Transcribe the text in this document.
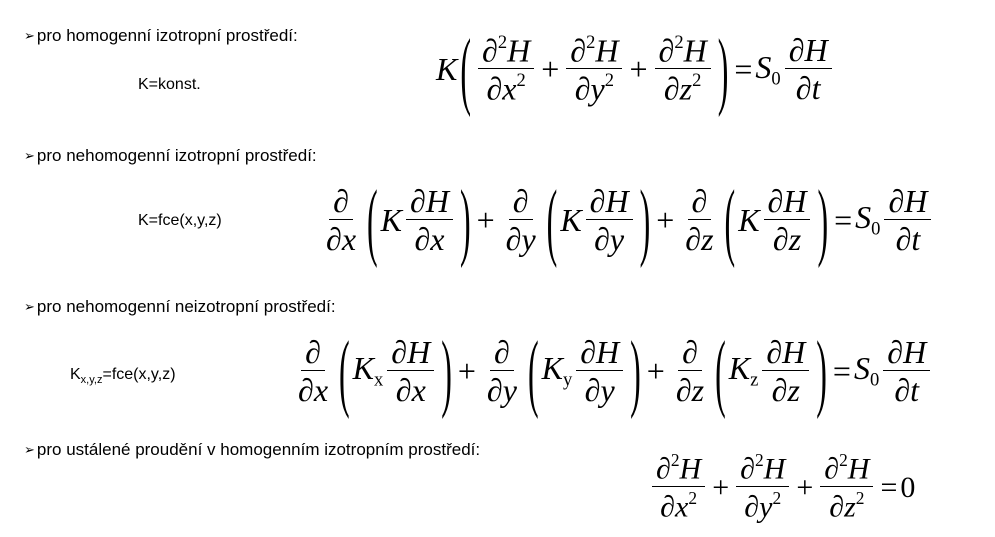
➢ pro homogenní izotropní prostředí:
K=konst.	K ( $\frac{\partial^2H}{\partial x^2} + \frac{\partial^2H}{\partial y^2} + \frac{\partial^2H}{\partial z^2}$ ) = $S_0 \frac{\partial H}{\partial t}$
➢ pro nehomogenní izotropní prostředí:
K=fce(x,y,z)	$\frac{\partial}{\partial x}$ ( K $\frac{\partial H}{\partial x}$ ) + $\frac{\partial}{\partial y}$ ( K $\frac{\partial H}{\partial y}$ ) + $\frac{\partial}{\partial z}$ ( K $\frac{\partial H}{\partial z}$ ) = $S_0 \frac{\partial H}{\partial t}$
➢ pro nehomogenní neizotropní prostředí:
$K_{x,y,z}=fce(x,y,z)$	$\frac{\partial}{\partial x}$ ( $K_x \frac{\partial H}{\partial x}$ ) + $\frac{\partial}{\partial y}$ ( $K_y \frac{\partial H}{\partial y}$ ) + $\frac{\partial}{\partial z}$ ( $K_z \frac{\partial H}{\partial z}$ ) = $S_0 \frac{\partial H}{\partial t}$
➢ pro ustálené proudění v homogenním izotropním prostředí:
$\frac{\partial^2H}{\partial x^2} + \frac{\partial^2H}{\partial y^2} + \frac{\partial^2H}{\partial z^2} = 0$
